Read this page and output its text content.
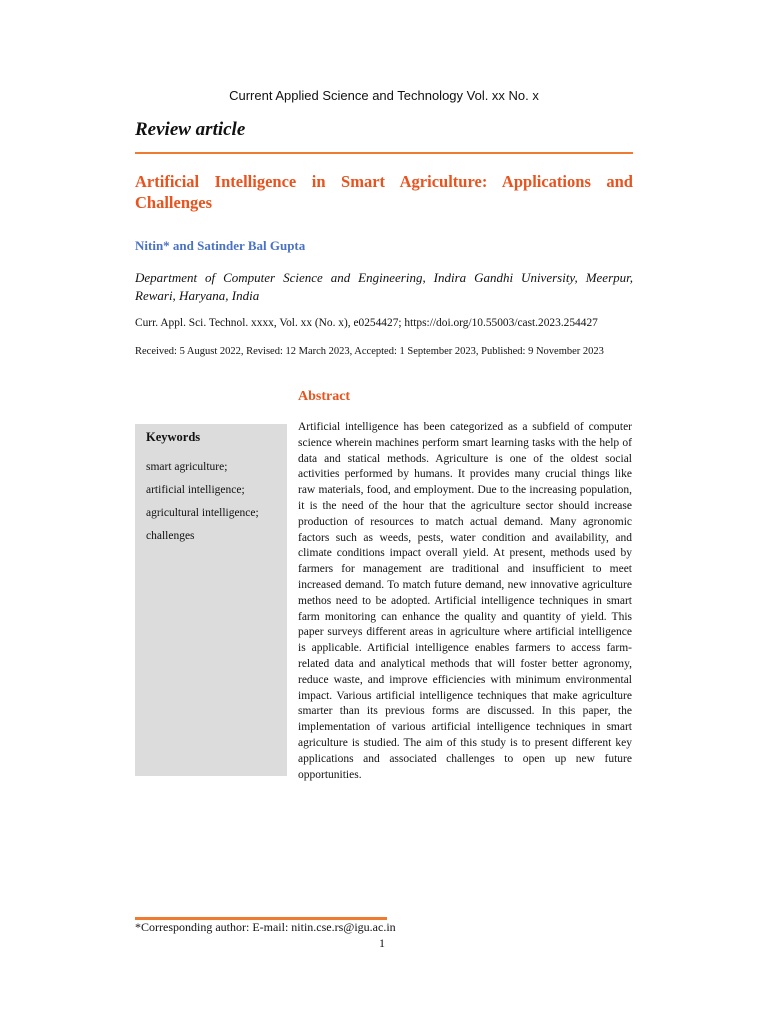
Current Applied Science and Technology Vol. xx No. x
Review article
Artificial Intelligence in Smart Agriculture: Applications and Challenges
Nitin* and Satinder Bal Gupta
Department of Computer Science and Engineering, Indira Gandhi University, Meerpur, Rewari, Haryana, India
Curr. Appl. Sci. Technol. xxxx, Vol. xx (No. x), e0254427; https://doi.org/10.55003/cast.2023.254427
Received: 5 August 2022, Revised: 12 March 2023, Accepted: 1 September 2023, Published: 9 November 2023
Abstract
Keywords
smart agriculture;
artificial intelligence;
agricultural intelligence;
challenges

Artificial intelligence has been categorized as a subfield of computer science wherein machines perform smart learning tasks with the help of data and statical methods. Agriculture is one of the oldest social activities performed by humans. It provides many crucial things like raw materials, food, and employment. Due to the increasing population, it is the need of the hour that the agriculture sector should increase production of resources to match actual demand. Many agronomic factors such as weeds, pests, water condition and availability, and climate conditions impact overall yield. At present, methods used by farmers for management are traditional and insufficient to meet increased demand. To match future demand, new innovative agriculture methos need to be adopted. Artificial intelligence techniques in smart farm monitoring can enhance the quality and quantity of yield. This paper surveys different areas in agriculture where artificial intelligence is applicable. Artificial intelligence enables farmers to access farm-related data and analytical methods that will foster better agronomy, reduce waste, and improve efficiencies with minimum environmental impact. Various artificial intelligence techniques that make agriculture smarter than its previous forms are discussed. In this paper, the implementation of various artificial intelligence techniques in smart agriculture is studied. The aim of this study is to present different key applications and associated challenges to open up new future opportunities.

*Corresponding author: E-mail: nitin.cse.rs@igu.ac.in
1
